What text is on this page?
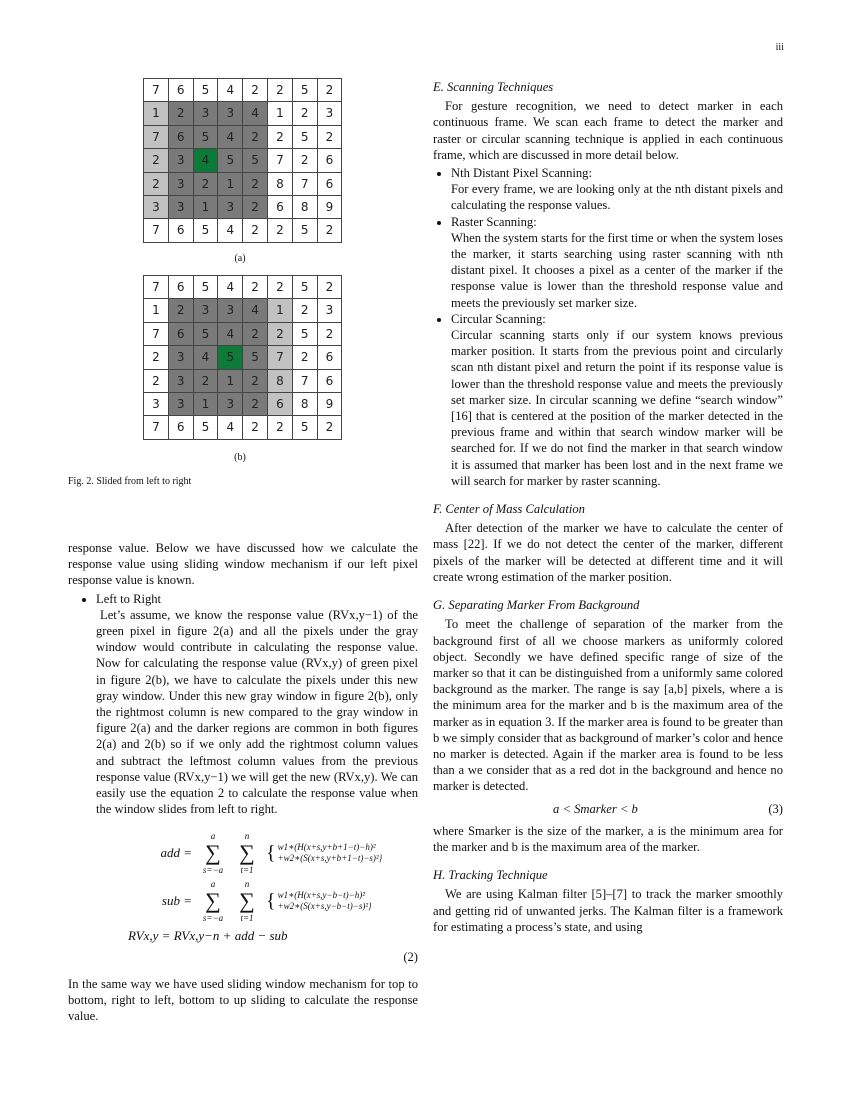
iii
7	6	5	4	2	2	5	2
1	2	3	3	4	1	2	3
7	6	5	4	2	2	5	2
2	3	4	5	5	7	2	6
2	3	2	1	2	8	7	6
3	3	1	3	2	6	8	9
7	6	5	4	2	2	5	2
(a)
7	6	5	4	2	2	5	2
1	2	3	3	4	1	2	3
7	6	5	4	2	2	5	2
2	3	4	5	5	7	2	6
2	3	2	1	2	8	7	6
3	3	1	3	2	6	8	9
7	6	5	4	2	2	5	2
(b)
Fig. 2. Slided from left to right

response value. Below we have discussed how we calculate the response value using sliding window mechanism if our left pixel response value is known.

• Left to Right
Let’s assume, we know the response value (RVx,y−1) of the green pixel in figure 2(a) and all the pixels under the gray window would contribute in calculating the response value. Now for calculating the response value (RVx,y) of green pixel in figure 2(b), we have to calculate the pixels under this new gray window. Under this new gray window in figure 2(b), only the rightmost column is new compared to the gray window in figure 2(a) and the darker regions are common in both figures 2(a) and 2(b) so if we only add the rightmost column values and subtract the leftmost column values from the previous response value (RVx,y−1) we will get the new (RVx,y). We can easily use the equation 2 to calculate the response value when the window slides from left to right.
add =
a
∑
s=−a
n
∑
t=1
{ w1∗(H(x+s,y+b+1−t)−h)²
+w2∗(S(x+s,y+b+1−t)−s)²}
sub =
a
∑
s=−a
n
∑
t=1
{ w1∗(H(x+s,y−b−t)−h)²
+w2∗(S(x+s,y−b−t)−s)²}
RVx,y = RVx,y−n + add − sub
(2)

In the same way we have used sliding window mechanism for top to bottom, right to left, bottom to up sliding to calculate the response value.

E. Scanning Techniques

For gesture recognition, we need to detect marker in each continuous frame. We scan each frame to detect the marker and raster or circular scanning technique is applied in each continuous frame, which are discussed in more detail below.

• Nth Distant Pixel Scanning:
For every frame, we are looking only at the nth distant pixels and calculating the response values.
• Raster Scanning:
When the system starts for the first time or when the system loses the marker, it starts searching using raster scanning with nth distant pixel. It chooses a pixel as a center of the marker if the response value is lower than the threshold response value and meets the previously set marker size.
• Circular Scanning:
Circular scanning starts only if our system knows previous marker position. It starts from the previous point and circularly scan nth distant pixel and return the point if its response value is lower than the threshold response value and meets the previously set marker size. In circular scanning we define “search window” [16] that is centered at the position of the marker detected in the previous frame and within that search window marker will be searched for. If we do not find the marker in that search window it is assumed that marker has been lost and in the next frame we will search for marker by raster scanning.
F. Center of Mass Calculation

After detection of the marker we have to calculate the center of mass [22]. If we do not detect the center of the marker, different pixels of the marker will be detected at different time and it will create wrong estimation of the marker position.

G. Separating Marker From Background

To meet the challenge of separation of the marker from the background first of all we choose markers as uniformly colored object. Secondly we have defined specific range of size of the marker so that it can be distinguished from a uniformly same colored background as the marker. The range is say [a,b] pixels, where a is the minimum area for the marker and b is the maximum area of the marker as in equation 3. If the marker area is found to be greater than b we simply consider that as background of marker’s color and hence no marker is detected. Again if the marker area is found to be less than a we consider that as a red dot in the background and hence no marker is detected.

a < Smarker < b	(3)

where Smarker is the size of the marker, a is the minimum area for the marker and b is the maximum area of the marker.

H. Tracking Technique

We are using Kalman filter [5]–[7] to track the marker smoothly and getting rid of unwanted jerks. The Kalman filter is a framework for estimating a process’s state, and using
